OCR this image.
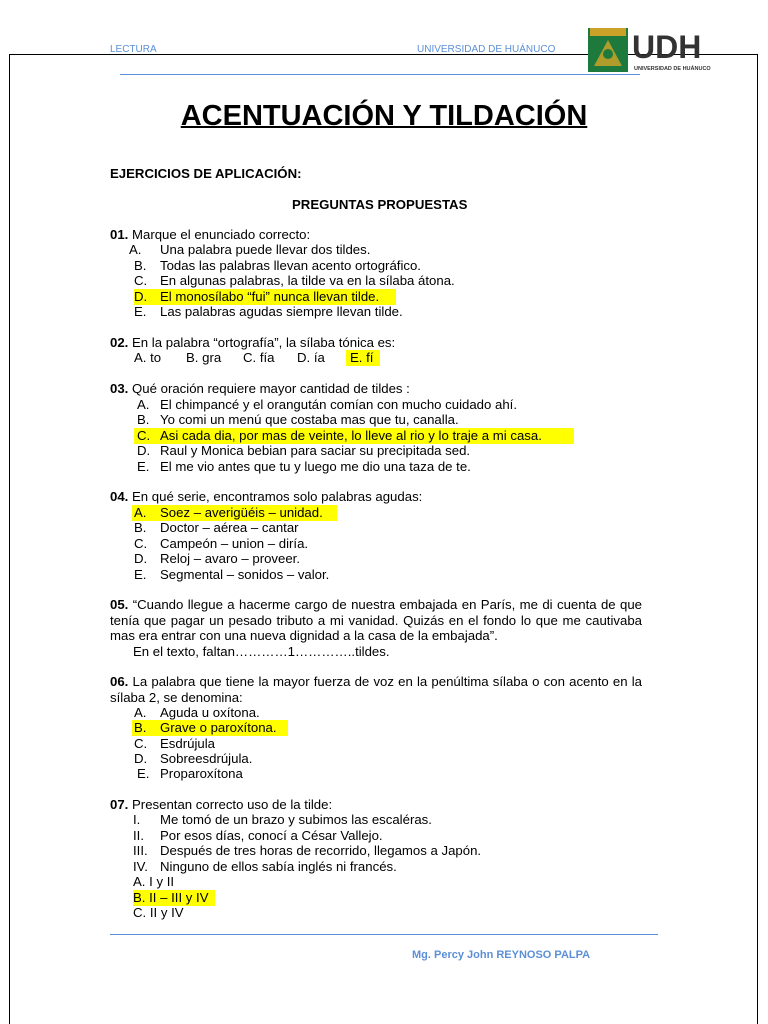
LECTURA	UNIVERSIDAD DE HUÁNUCO UDH
UNIVERSIDAD DE HUÁNUCO
ACENTUACIÓN Y TILDACIÓN
EJERCICIOS DE APLICACIÓN:
PREGUNTAS PROPUESTAS
01. Marque el enunciado correcto:
A. Una palabra puede llevar dos tildes.
B. Todas las palabras llevan acento ortográfico.
C. En algunas palabras, la tilde va en la sílaba átona.
D. El monosílabo “fui” nunca llevan tilde.
E. Las palabras agudas siempre llevan tilde.
02. En la palabra “ortografía”, la sílaba tónica es:
A. to B. gra C. fía D. ía	E. fí
03. Qué oración requiere mayor cantidad de tildes :
A. El chimpancé y el orangután comían con mucho cuidado ahí.
B. Yo comi un menú que costaba mas que tu, canalla.
C. Asi cada dia, por mas de veinte, lo lleve al rio y lo traje a mi casa.
D. Raul y Monica bebian para saciar su precipitada sed.
E. El me vio antes que tu y luego me dio una taza de te.
04. En qué serie, encontramos solo palabras agudas:
A. Soez – averigüéis – unidad.
B. Doctor – aérea – cantar
C. Campeón – union – diría.
D. Reloj – avaro – proveer.
E. Segmental – sonidos – valor.
05. “Cuando llegue a hacerme cargo de nuestra embajada en París, me di cuenta de que tenía que pagar un pesado tributo a mi vanidad. Quizás en el fondo lo que me cautivaba mas era entrar con una nueva dignidad a la casa de la embajada”.
En el texto, faltan…………1…………..tildes.
06. La palabra que tiene la mayor fuerza de voz en la penúltima sílaba o con acento en la sílaba 2, se denomina:
A. Aguda u oxítona.
B. Grave o paroxítona.
C. Esdrújula
D. Sobreesdrújula.
E. Proparoxítona
07. Presentan correcto uso de la tilde:
I. Me tomó de un brazo y subimos las escaléras.
II. Por esos días, conocí a César Vallejo.
III. Después de tres horas de recorrido, llegamos a Japón.
IV. Ninguno de ellos sabía inglés ni francés.
A. I y II
B. II – III y IV
C. II y IV
Mg. Percy John REYNOSO PALPA
